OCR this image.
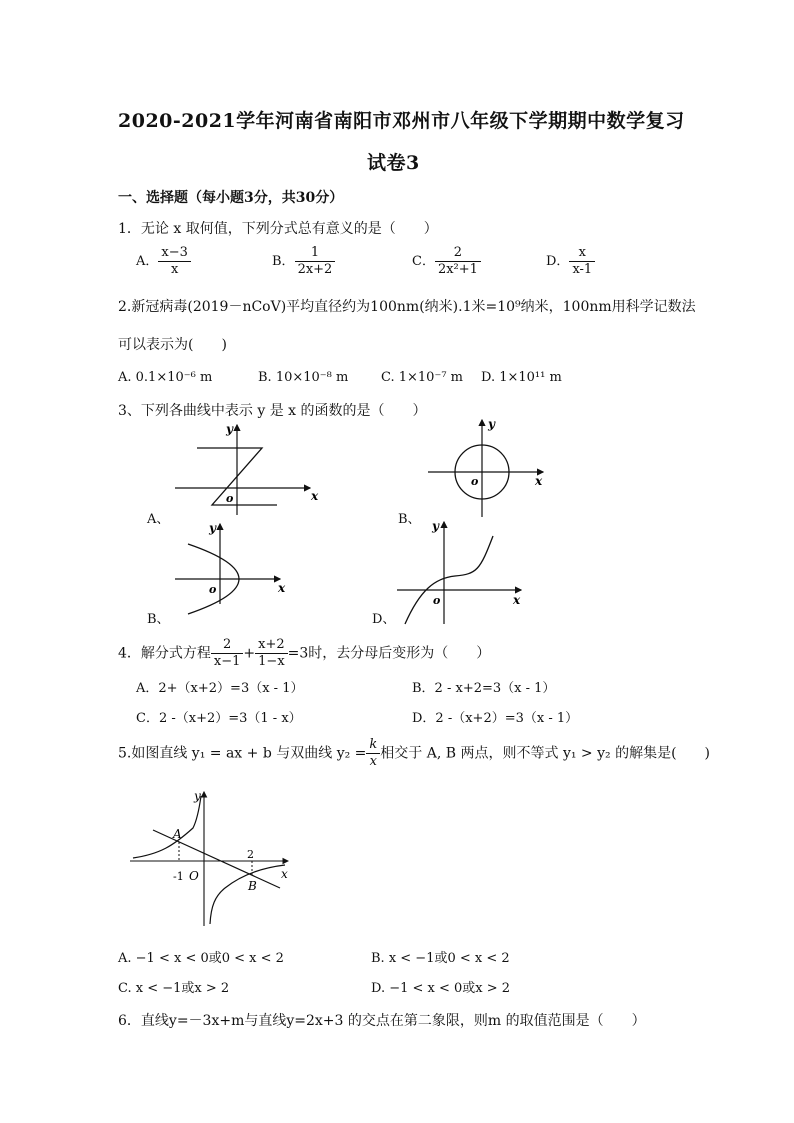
2020-2021学年河南省南阳市邓州市八年级下学期期中数学复习
试卷3
一、选择题（每小题3分，共30分）
1．无论 x 取何值，下列分式总有意义的是（　　）
A． $\frac{x-3}{x}$	B． $\frac{1}{2x+2}$	C． $\frac{2}{\text{2x²+1}}$	D． $\frac{x}{x-1}$
2.新冠病毒(2019－nCoV)平均直径约为100nm(纳米).1米=10⁹纳米，100nm用科学记数法
可以表示为(　　)
A. 0.1×10⁻⁶ m	B. 10×10⁻⁸ m	C. 1×10⁻⁷ m D. 1×10¹¹ m
3、下列各曲线中表示 y 是 x 的函数的是（　　）
o	x
y
A、
o	x
y
B、
o	x
y
B、
o	x
y
D、
4．解分式方程 $\frac{2}{x-1} + \frac{x+2}{1-x} =3$时，去分母后变形为（　　）
A．2+（x+2）=3（x - 1）	B．2 - x+2=3（x - 1）
C．2 -（x+2）=3（1 - x）	D．2 -（x+2）=3（x - 1）
5.如图直线 y₁ = ax + b 与双曲线 $y_2 = \frac{k}{x}$ 相交于 A, B 两点，则不等式 y₁ > y₂ 的解集是(　　)
A
B
O
-1
2
x
y
A. −1 < x < 0或0 < x < 2	B. x < −1或0 < x < 2
C. x < −1或x > 2	D. −1 < x < 0或x > 2
6．直线y=－3x+m与直线y=2x+3 的交点在第二象限，则m 的取值范围是（　　）
